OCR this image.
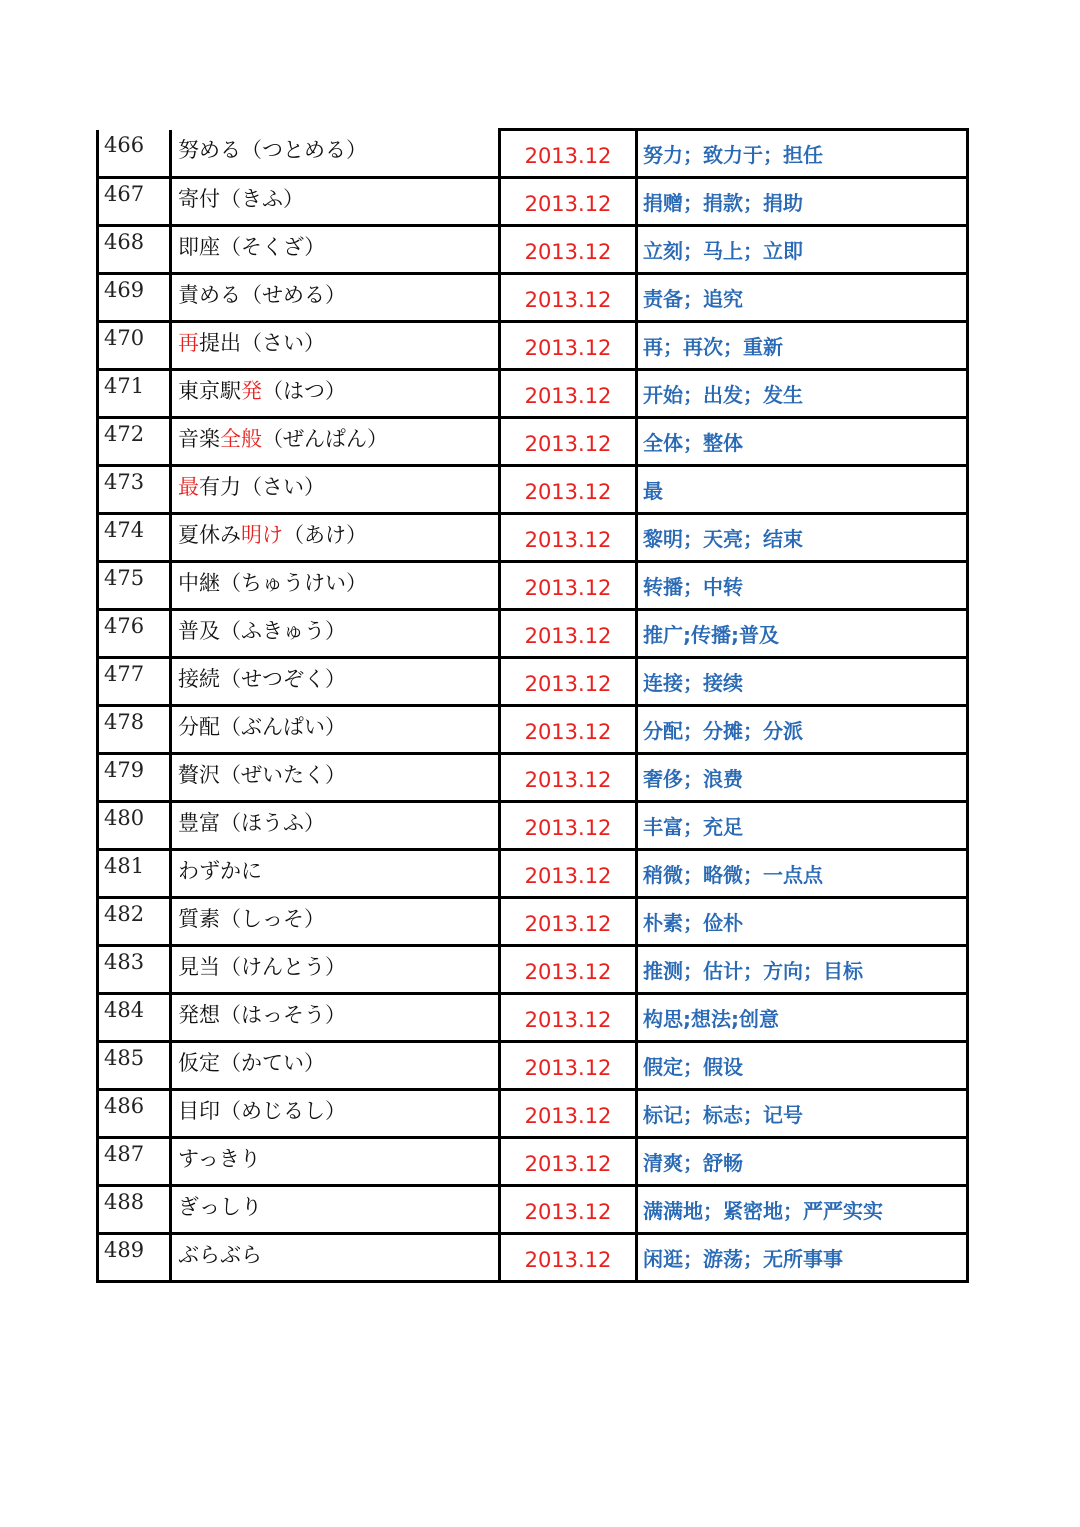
466	努める（つとめる）	2013.12	努力；致力于；担任
467	寄付（きふ）	2013.12	捐赠；捐款；捐助
468	即座（そくざ）	2013.12	立刻；马上；立即
469	責める（せめる）	2013.12	责备；追究
470	再提出（さい）	2013.12	再；再次；重新
471	東京駅発（はつ）	2013.12	开始；出发；发生
472	音楽全般（ぜんぱん）	2013.12	全体；整体
473	最有力（さい）	2013.12	最
474	夏休み明け（あけ）	2013.12	黎明；天亮；结束
475	中継（ちゅうけい）	2013.12	转播；中转
476	普及（ふきゅう）	2013.12	推广;传播;普及
477	接続（せつぞく）	2013.12	连接；接续
478	分配（ぶんぱい）	2013.12	分配；分摊；分派
479	贅沢（ぜいたく）	2013.12	奢侈；浪费
480	豊富（ほうふ）	2013.12	丰富；充足
481	わずかに	2013.12	稍微；略微；一点点
482	質素（しっそ）	2013.12	朴素；俭朴
483	見当（けんとう）	2013.12	推测；估计；方向；目标
484	発想（はっそう）	2013.12	构思;想法;创意
485	仮定（かてい）	2013.12	假定；假设
486	目印（めじるし）	2013.12	标记；标志；记号
487	すっきり	2013.12	清爽；舒畅
488	ぎっしり	2013.12	满满地；紧密地；严严实实
489	ぶらぶら	2013.12	闲逛；游荡；无所事事
